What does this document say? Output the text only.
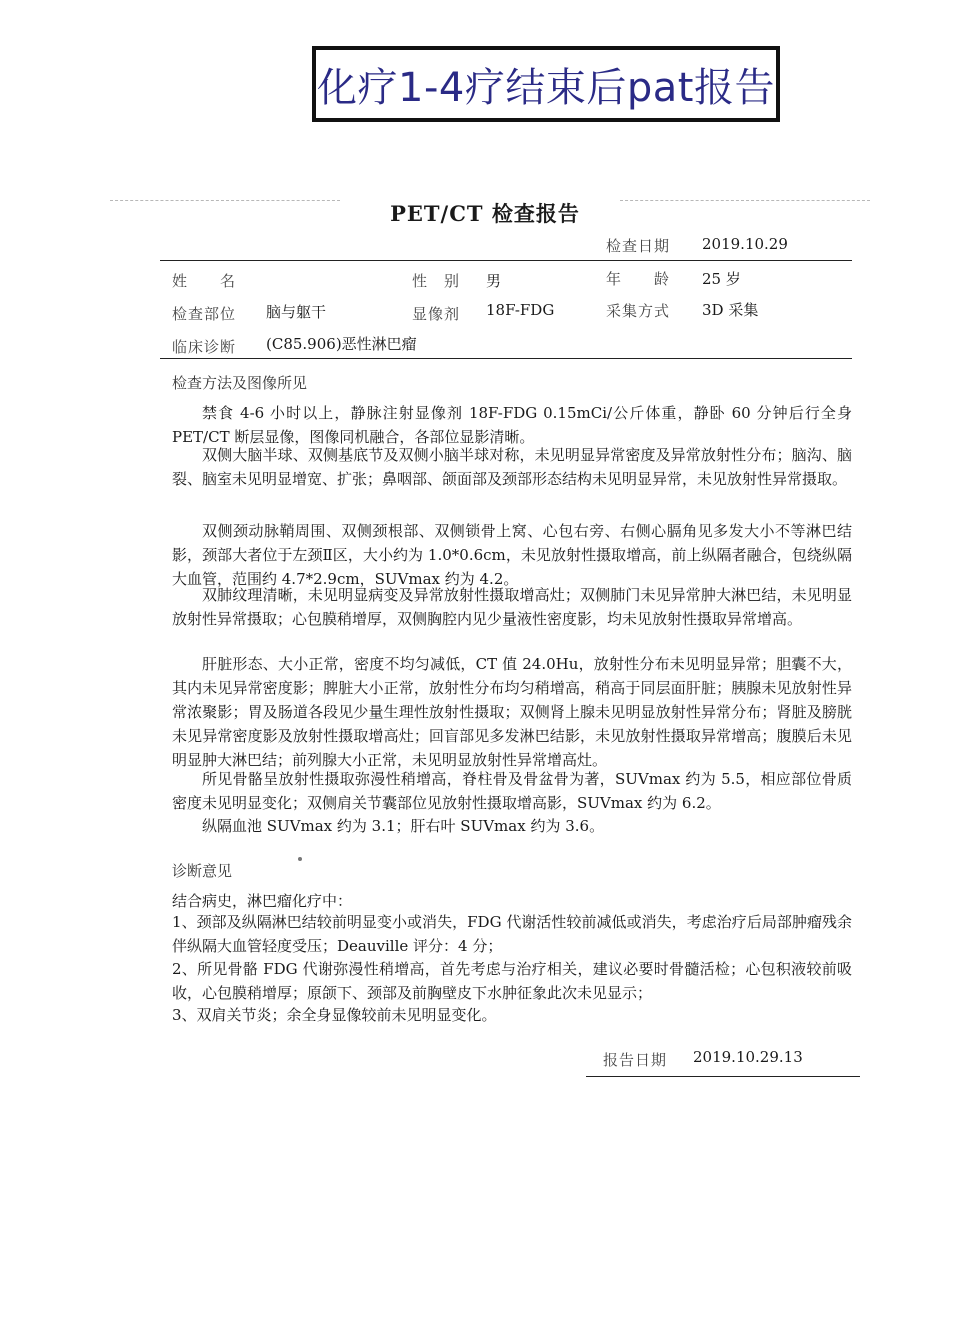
化疗1-4疗结束后pat报告
PET/CT 检查报告
检查日期 2019.10.29
姓　　名	性　别 男	年　　龄 25 岁
检查部位 脑与躯干	显像剂 18F-FDG	采集方式 3D 采集
临床诊断 (C85.906)恶性淋巴瘤
检查方法及图像所见

禁食 4-6 小时以上，静脉注射显像剂 18F-FDG 0.15mCi/公斤体重，静卧 60 分钟后行全身PET/CT 断层显像，图像同机融合，各部位显影清晰。

双侧大脑半球、双侧基底节及双侧小脑半球对称，未见明显异常密度及异常放射性分布；脑沟、脑裂、脑室未见明显增宽、扩张；鼻咽部、颌面部及颈部形态结构未见明显异常，未见放射性异常摄取。

双侧颈动脉鞘周围、双侧颈根部、双侧锁骨上窝、心包右旁、右侧心膈角见多发大小不等淋巴结影，颈部大者位于左颈Ⅱ区，大小约为 1.0*0.6cm，未见放射性摄取增高，前上纵隔者融合，包绕纵隔大血管，范围约 4.7*2.9cm，SUVmax 约为 4.2。

双肺纹理清晰，未见明显病变及异常放射性摄取增高灶；双侧肺门未见异常肿大淋巴结，未见明显放射性异常摄取；心包膜稍增厚，双侧胸腔内见少量液性密度影，均未见放射性摄取异常增高。

肝脏形态、大小正常，密度不均匀减低，CT 值 24.0Hu，放射性分布未见明显异常；胆囊不大，其内未见异常密度影；脾脏大小正常，放射性分布均匀稍增高，稍高于同层面肝脏；胰腺未见放射性异常浓聚影；胃及肠道各段见少量生理性放射性摄取；双侧肾上腺未见明显放射性异常分布；肾脏及膀胱未见异常密度影及放射性摄取增高灶；回盲部见多发淋巴结影，未见放射性摄取异常增高；腹膜后未见明显肿大淋巴结；前列腺大小正常，未见明显放射性异常增高灶。

所见骨骼呈放射性摄取弥漫性稍增高，脊柱骨及骨盆骨为著，SUVmax 约为 5.5，相应部位骨质密度未见明显变化；双侧肩关节囊部位见放射性摄取增高影，SUVmax 约为 6.2。

纵隔血池 SUVmax 约为 3.1；肝右叶 SUVmax 约为 3.6。

诊断意见

结合病史，淋巴瘤化疗中：

1、颈部及纵隔淋巴结较前明显变小或消失，FDG 代谢活性较前减低或消失，考虑治疗后局部肿瘤残余伴纵隔大血管轻度受压；Deauville 评分：4 分；

2、所见骨骼 FDG 代谢弥漫性稍增高，首先考虑与治疗相关，建议必要时骨髓活检；心包积液较前吸收，心包膜稍增厚；原颌下、颈部及前胸壁皮下水肿征象此次未见显示；

3、双肩关节炎；余全身显像较前未见明显变化。

报告日期 2019.10.29.13
